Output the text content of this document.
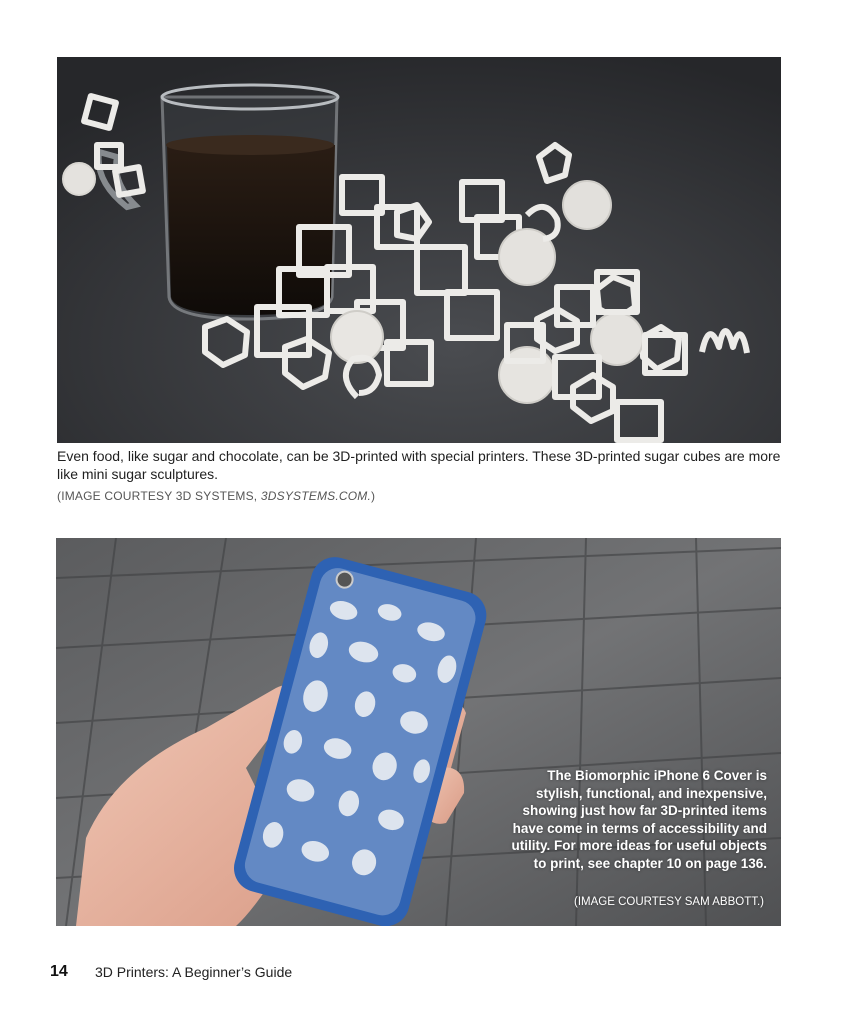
Even food, like sugar and chocolate, can be 3D-printed with special printers. These 3D-printed sugar cubes are more like mini sugar sculptures.
(IMAGE COURTESY 3D SYSTEMS, 3DSYSTEMS.COM.)
The Biomorphic iPhone 6 Cover is stylish, functional, and inexpensive, showing just how far 3D-printed items have come in terms of accessibility and utility. For more ideas for useful objects to print, see chapter 10 on page 136.
(IMAGE COURTESY SAM ABBOTT.)
14 3D Printers: A Beginner’s Guide
